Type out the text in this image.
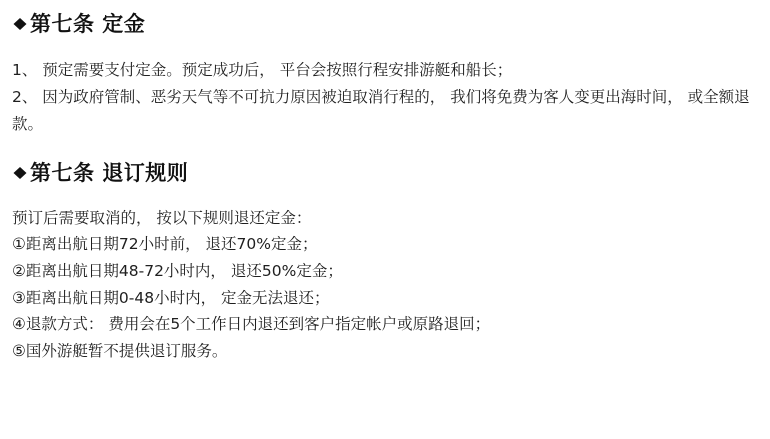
第七条 定金
1、 预定需要支付定金。预定成功后， 平台会按照行程安排游艇和船长；
2、 因为政府管制、恶劣天气等不可抗力原因被迫取消行程的， 我们将免费为客人变更出海时间， 或全额退款。
第七条 退订规则
预订后需要取消的， 按以下规则退还定金：
①距离出航日期72小时前， 退还70%定金；
②距离出航日期48-72小时内， 退还50%定金；
③距离出航日期0-48小时内， 定金无法退还；
④退款方式： 费用会在5个工作日内退还到客户指定帐户或原路退回；
⑤国外游艇暂不提供退订服务。
